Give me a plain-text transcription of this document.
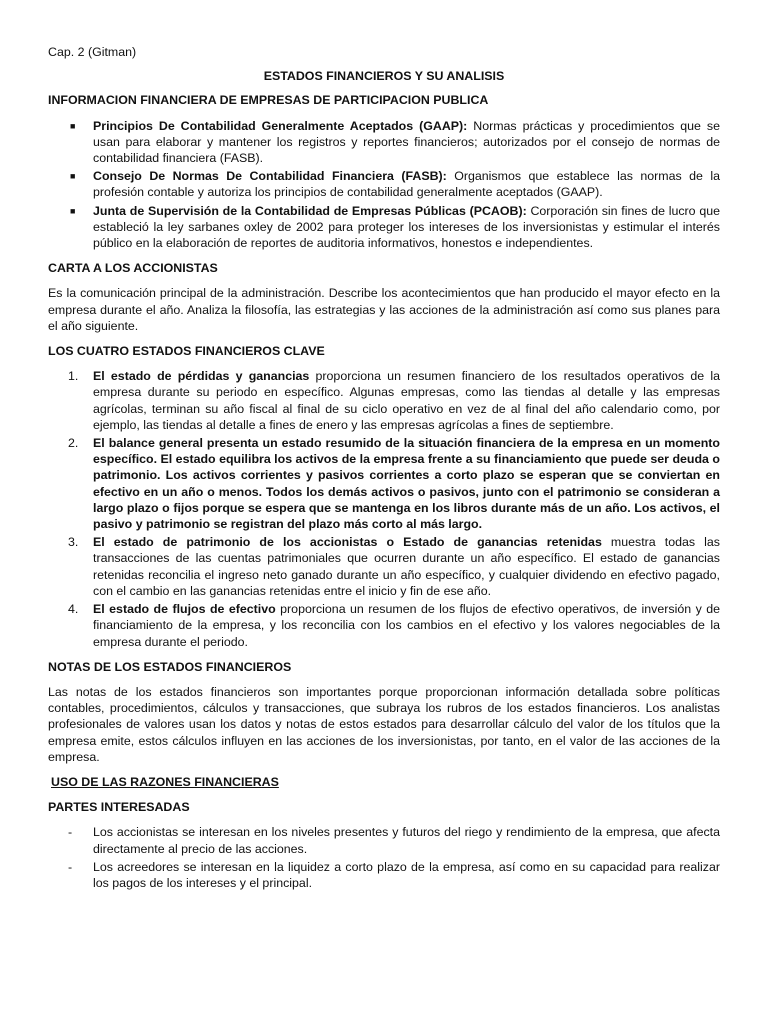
Cap. 2 (Gitman)

ESTADOS FINANCIEROS Y SU ANALISIS

INFORMACION FINANCIERA DE EMPRESAS DE PARTICIPACION PUBLICA

■ Principios De Contabilidad Generalmente Aceptados (GAAP): Normas prácticas y procedimientos que se usan para elaborar y mantener los registros y reportes financieros; autorizados por el consejo de normas de contabilidad financiera (FASB).
■ Consejo De Normas De Contabilidad Financiera (FASB): Organismos que establece las normas de la profesión contable y autoriza los principios de contabilidad generalmente aceptados (GAAP).
■ Junta de Supervisión de la Contabilidad de Empresas Públicas (PCAOB): Corporación sin fines de lucro que estableció la ley sarbanes oxley de 2002 para proteger los intereses de los inversionistas y estimular el interés público en la elaboración de reportes de auditoria informativos, honestos e independientes.

CARTA A LOS ACCIONISTAS

Es la comunicación principal de la administración. Describe los acontecimientos que han producido el mayor efecto en la empresa durante el año. Analiza la filosofía, las estrategias y las acciones de la administración así como sus planes para el año siguiente.

LOS CUATRO ESTADOS FINANCIEROS CLAVE

1. El estado de pérdidas y ganancias proporciona un resumen financiero de los resultados operativos de la empresa durante su periodo en específico. Algunas empresas, como las tiendas al detalle y las empresas agrícolas, terminan su año fiscal al final de su ciclo operativo en vez de al final del año calendario como, por ejemplo, las tiendas al detalle a fines de enero y las empresas agrícolas a fines de septiembre.
2. El balance general presenta un estado resumido de la situación financiera de la empresa en un momento específico. El estado equilibra los activos de la empresa frente a su financiamiento que puede ser deuda o patrimonio. Los activos corrientes y pasivos corrientes a corto plazo se esperan que se conviertan en efectivo en un año o menos. Todos los demás activos o pasivos, junto con el patrimonio se consideran a largo plazo o fijos porque se espera que se mantenga en los libros durante más de un año. Los activos, el pasivo y patrimonio se registran del plazo más corto al más largo.
3. El estado de patrimonio de los accionistas o Estado de ganancias retenidas muestra todas las transacciones de las cuentas patrimoniales que ocurren durante un año específico. El estado de ganancias retenidas reconcilia el ingreso neto ganado durante un año específico, y cualquier dividendo en efectivo pagado, con el cambio en las ganancias retenidas entre el inicio y fin de ese año.
4. El estado de flujos de efectivo proporciona un resumen de los flujos de efectivo operativos, de inversión y de financiamiento de la empresa, y los reconcilia con los cambios en el efectivo y los valores negociables de la empresa durante el periodo.

NOTAS DE LOS ESTADOS FINANCIEROS

Las notas de los estados financieros son importantes porque proporcionan información detallada sobre políticas contables, procedimientos, cálculos y transacciones, que subraya los rubros de los estados financieros. Los analistas profesionales de valores usan los datos y notas de estos estados para desarrollar cálculo del valor de los títulos que la empresa emite, estos cálculos influyen en las acciones de los inversionistas, por tanto, en el valor de las acciones de la empresa.

USO DE LAS RAZONES FINANCIERAS

PARTES INTERESADAS

- Los accionistas se interesan en los niveles presentes y futuros del riego y rendimiento de la empresa, que afecta directamente al precio de las acciones.
- Los acreedores se interesan en la liquidez a corto plazo de la empresa, así como en su capacidad para realizar los pagos de los intereses y el principal.
